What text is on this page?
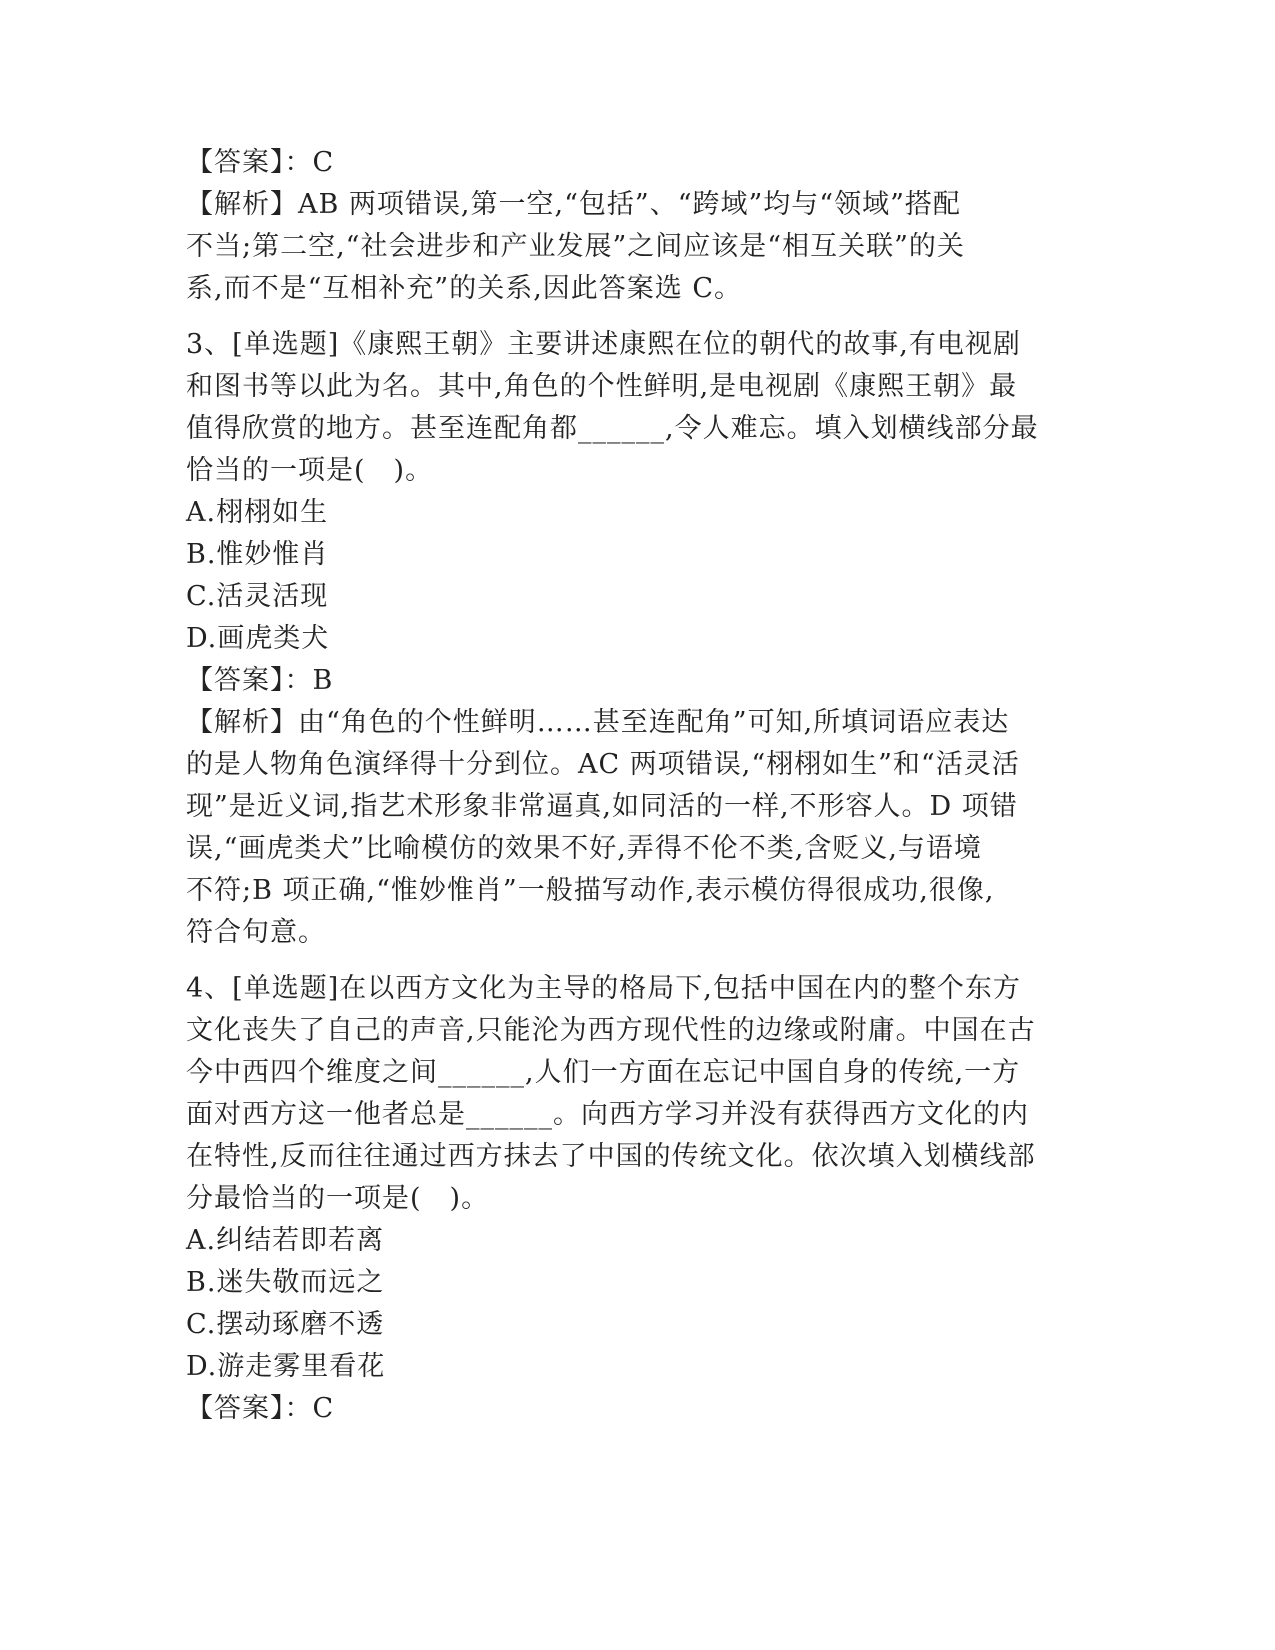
【答案】：C
【解析】AB 两项错误,第一空,“包括”、“跨域”均与“领域”搭配
不当;第二空,“社会进步和产业发展”之间应该是“相互关联”的关
系,而不是“互相补充”的关系,因此答案选 C。
3、[单选题]《康熙王朝》主要讲述康熙在位的朝代的故事,有电视剧
和图书等以此为名。其中,角色的个性鲜明,是电视剧《康熙王朝》最
值得欣赏的地方。甚至连配角都______,令人难忘。填入划横线部分最
恰当的一项是(　)。
A.栩栩如生
B.惟妙惟肖
C.活灵活现
D.画虎类犬
【答案】：B
【解析】由“角色的个性鲜明……甚至连配角”可知,所填词语应表达
的是人物角色演绎得十分到位。AC 两项错误,“栩栩如生”和“活灵活
现”是近义词,指艺术形象非常逼真,如同活的一样,不形容人。D 项错
误,“画虎类犬”比喻模仿的效果不好,弄得不伦不类,含贬义,与语境
不符;B 项正确,“惟妙惟肖”一般描写动作,表示模仿得很成功,很像,
符合句意。
4、[单选题]在以西方文化为主导的格局下,包括中国在内的整个东方
文化丧失了自己的声音,只能沦为西方现代性的边缘或附庸。中国在古
今中西四个维度之间______,人们一方面在忘记中国自身的传统,一方
面对西方这一他者总是______。向西方学习并没有获得西方文化的内
在特性,反而往往通过西方抹去了中国的传统文化。依次填入划横线部
分最恰当的一项是(　)。
A.纠结若即若离
B.迷失敬而远之
C.摆动琢磨不透
D.游走雾里看花
【答案】：C
